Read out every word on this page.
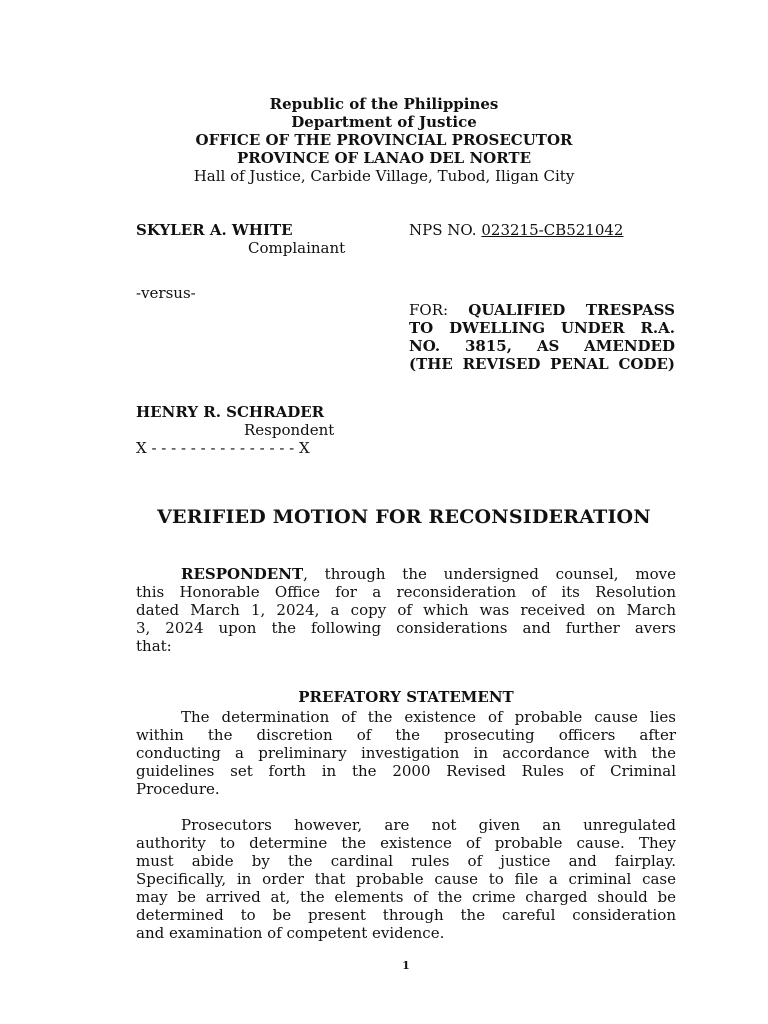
Republic of the Philippines
Department of Justice
OFFICE OF THE PROVINCIAL PROSECUTOR
PROVINCE OF LANAO DEL NORTE
Hall of Justice, Carbide Village, Tubod, Iligan City
SKYLER A. WHITE
Complainant
NPS NO. 023215-CB521042
-versus-
FOR: QUALIFIED TRESPASS
TO DWELLING UNDER R.A.
NO. 3815, AS AMENDED
(THE REVISED PENAL CODE)
HENRY R. SCHRADER
Respondent
X - - - - - - - - - - - - - - - X
VERIFIED MOTION FOR RECONSIDERATION
RESPONDENT, through the undersigned counsel, move
this Honorable Office for a reconsideration of its Resolution
dated March 1, 2024, a copy of which was received on March
3, 2024 upon the following considerations and further avers
that:
PREFATORY STATEMENT
The determination of the existence of probable cause lies
within the discretion of the prosecuting officers after
conducting a preliminary investigation in accordance with the
guidelines set forth in the 2000 Revised Rules of Criminal
Procedure.
Prosecutors however, are not given an unregulated
authority to determine the existence of probable cause. They
must abide by the cardinal rules of justice and fairplay.
Specifically, in order that probable cause to file a criminal case
may be arrived at, the elements of the crime charged should be
determined to be present through the careful consideration
and examination of competent evidence.
1
